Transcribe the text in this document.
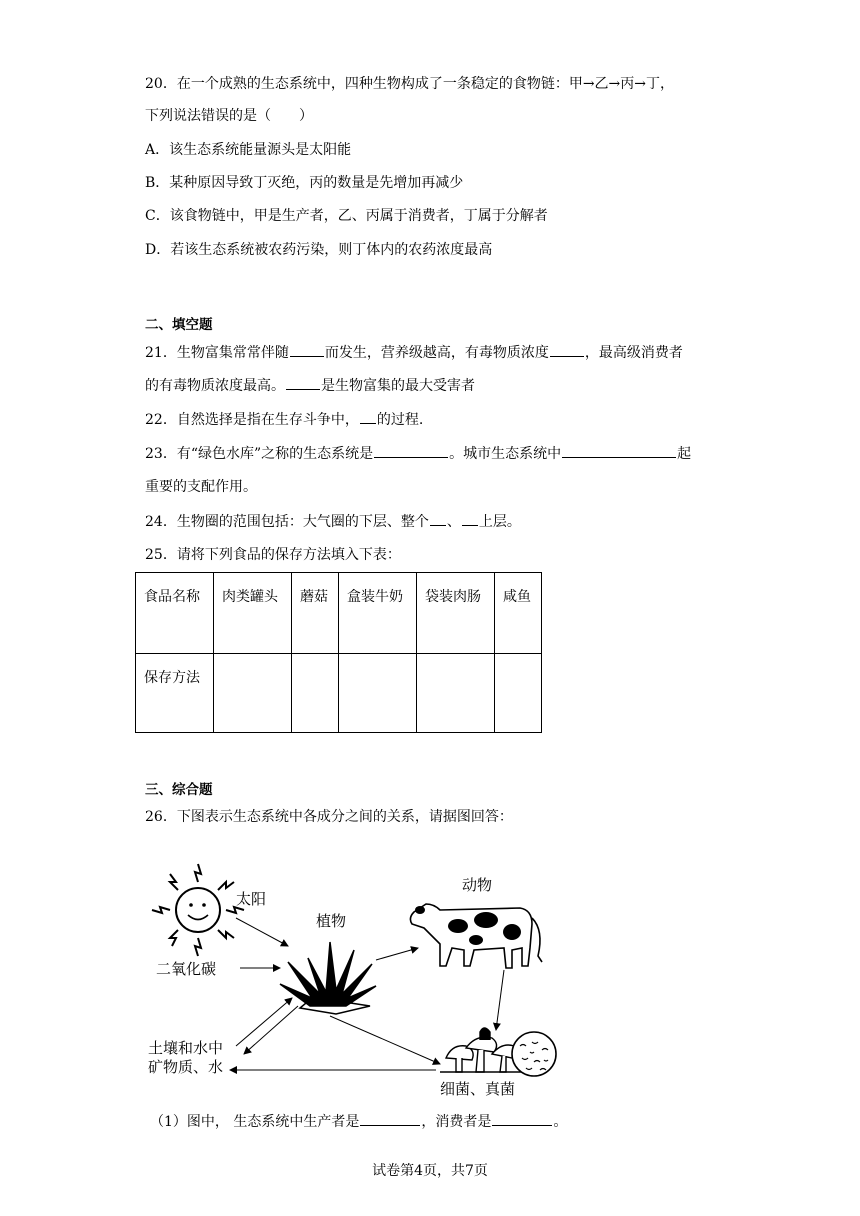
20．在一个成熟的生态系统中，四种生物构成了一条稳定的食物链：甲→乙→丙→丁，
下列说法错误的是（　　）
A．该生态系统能量源头是太阳能
B．某种原因导致丁灭绝，丙的数量是先增加再减少
C．该食物链中，甲是生产者，乙、丙属于消费者，丁属于分解者
D．若该生态系统被农药污染，则丁体内的农药浓度最高
二、填空题
21．生物富集常常伴随	而发生，营养级越高，有毒物质浓度	，最高级消费者
的有毒物质浓度最高。	是生物富集的最大受害者
22．自然选择是指在生存斗争中， 的过程.
23．有“绿色水库”之称的生态系统是	。城市生态系统中	起
重要的支配作用。
24．生物圈的范围包括：大气圈的下层、整个 、 上层。
25．请将下列食品的保存方法填入下表：
食品名称	肉类罐头	蘑菇	盒装牛奶	袋装肉肠	咸鱼
保存方法					
三、综合题
26．下图表示生态系统中各成分之间的关系，请据图回答：
太阳
植物
动物
二氧化碳
土壤和水中
矿物质、水
细菌、真菌
（1）图中， 生态系统中生产者是	，消费者是	。
试卷第4页，共7页
